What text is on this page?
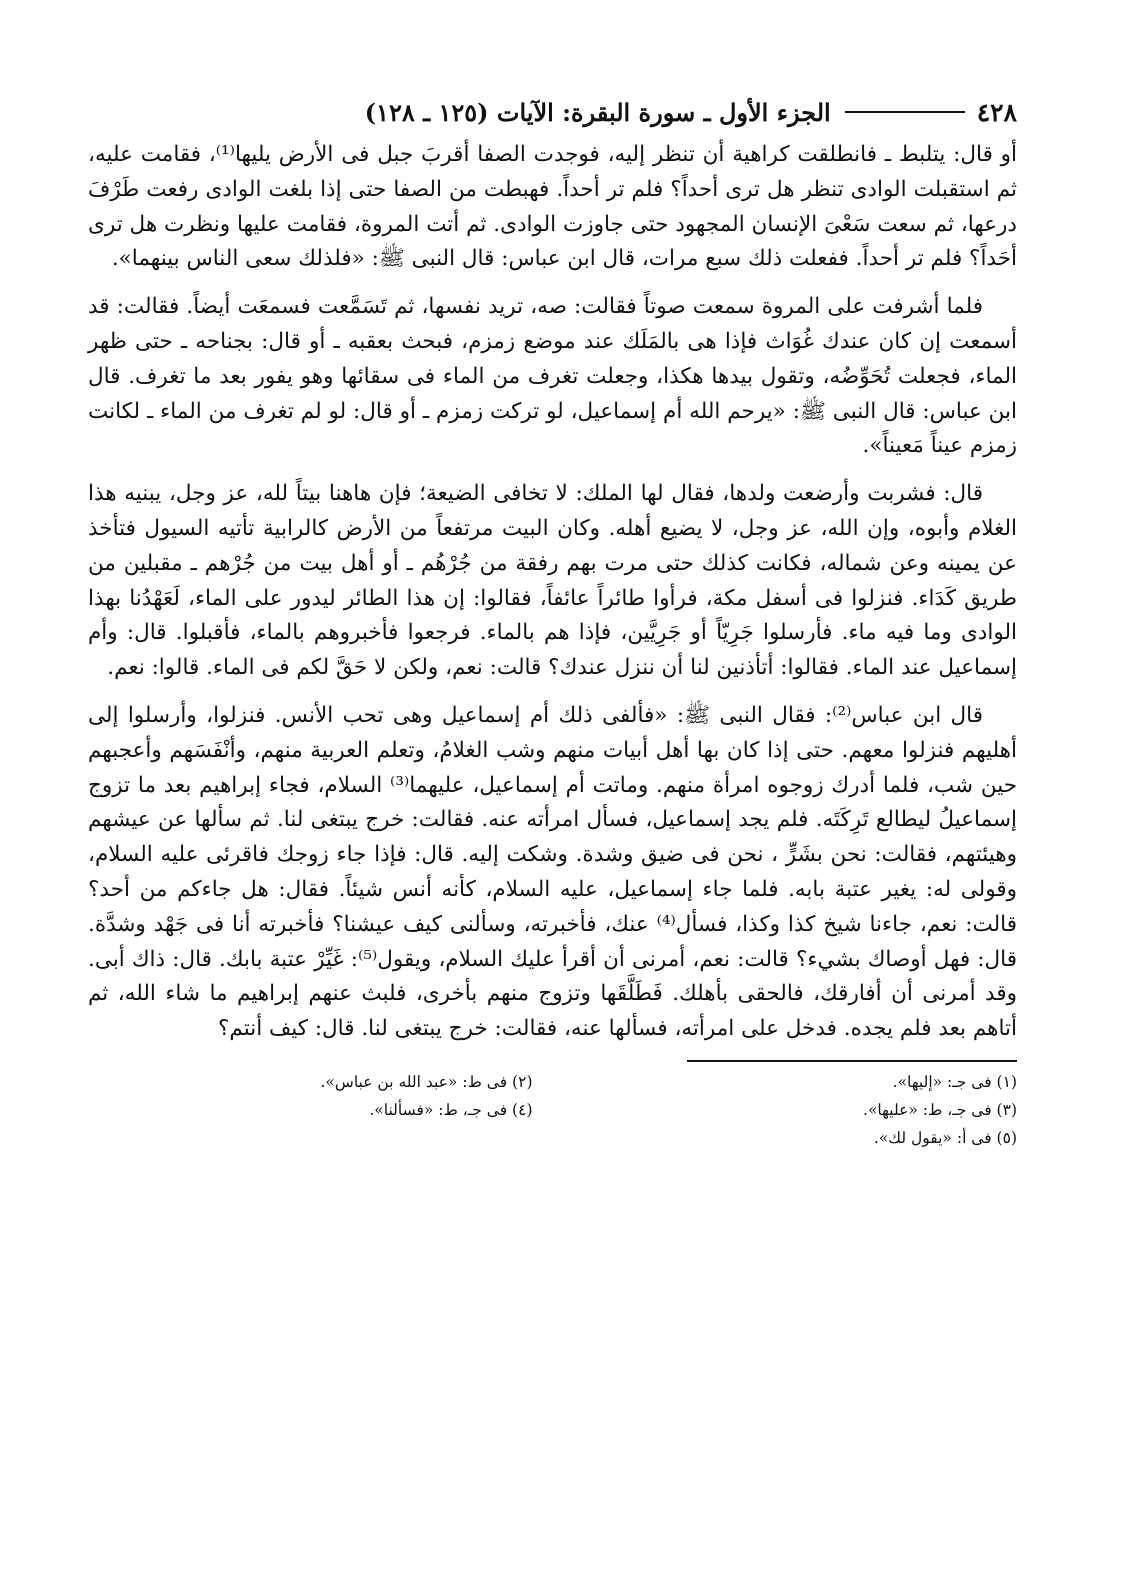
٤٢٨
الجزء الأول ـ سورة البقرة: الآيات (١٢٥ ـ ١٢٨)

أو قال: يتلبط ـ فانطلقت كراهية أن تنظر إليه، فوجدت الصفا أقربَ جبل فى الأرض يليها⁽¹⁾، فقامت عليه، ثم استقبلت الوادى تنظر هل ترى أحداً؟ فلم تر أحداً. فهبطت من الصفا حتى إذا بلغت الوادى رفعت طَرْفَ درعها، ثم سعت سَعْىَ الإنسان المجهود حتى جاوزت الوادى. ثم أتت المروة، فقامت عليها ونظرت هل ترى أحَداً؟ فلم تر أحداً. ففعلت ذلك سبع مرات، قال ابن عباس: قال النبى ﷺ: «فلذلك سعى الناس بينهما».

فلما أشرفت على المروة سمعت صوتاً فقالت: صه، تريد نفسها، ثم تَسَمَّعت فسمعَت أيضاً. فقالت: قد أسمعت إن كان عندك غُوَاث فإذا هى بالمَلَك عند موضع زمزم، فبحث بعقبه ـ أو قال: بجناحه ـ حتى ظهر الماء، فجعلت تُحَوِّضُه، وتقول بيدها هكذا، وجعلت تغرف من الماء فى سقائها وهو يفور بعد ما تغرف. قال ابن عباس: قال النبى ﷺ: «يرحم الله أم إسماعيل، لو تركت زمزم ـ أو قال: لو لم تغرف من الماء ـ لكانت زمزم عيناً مَعيناً».

قال: فشربت وأرضعت ولدها، فقال لها الملك: لا تخافى الضيعة؛ فإن هاهنا بيتاً لله، عز وجل، يبنيه هذا الغلام وأبوه، وإن الله، عز وجل، لا يضيع أهله. وكان البيت مرتفعاً من الأرض كالرابية تأتيه السيول فتأخذ عن يمينه وعن شماله، فكانت كذلك حتى مرت بهم رفقة من جُرْهُم ـ أو أهل بيت من جُرْهم ـ مقبلين من طريق كَدَاء. فنزلوا فى أسفل مكة، فرأوا طائراً عائفاً، فقالوا: إن هذا الطائر ليدور على الماء، لَعَهْدُنا بهذا الوادى وما فيه ماء. فأرسلوا جَرِيّاً أو جَرِيَّين، فإذا هم بالماء. فرجعوا فأخبروهم بالماء، فأقبلوا. قال: وأم إسماعيل عند الماء. فقالوا: أتأذنين لنا أن ننزل عندك؟ قالت: نعم، ولكن لا حَقَّ لكم فى الماء. قالوا: نعم.

قال ابن عباس⁽²⁾: فقال النبى ﷺ: «فألفى ذلك أم إسماعيل وهى تحب الأنس. فنزلوا، وأرسلوا إلى أهليهم فنزلوا معهم. حتى إذا كان بها أهل أبيات منهم وشب الغلامُ، وتعلم العربية منهم، وأنْفَسَهم وأعجبهم حين شب، فلما أدرك زوجوه امرأة منهم. وماتت أم إسماعيل، عليهما⁽³⁾ السلام، فجاء إبراهيم بعد ما تزوج إسماعيلُ ليطالع تَرِكَتَه. فلم يجد إسماعيل، فسأل امرأته عنه. فقالت: خرج يبتغى لنا. ثم سألها عن عيشهم وهيئتهم، فقالت: نحن بشَرٍّ ، نحن فى ضيق وشدة. وشكت إليه. قال: فإذا جاء زوجك فاقرئى عليه السلام، وقولى له: يغير عتبة بابه. فلما جاء إسماعيل، عليه السلام، كأنه أنس شيئاً. فقال: هل جاءكم من أحد؟ قالت: نعم، جاءنا شيخ كذا وكذا، فسأل⁽⁴⁾ عنك، فأخبرته، وسألنى كيف عيشنا؟ فأخبرته أنا فى جَهْد وشدَّة. قال: فهل أوصاك بشيء؟ قالت: نعم، أمرنى أن أقرأ عليك السلام، ويقول⁽⁵⁾: غَيِّرْ عتبة بابك. قال: ذاك أبى. وقد أمرنى أن أفارقك، فالحقى بأهلك. فَطَلَّقَها وتزوج منهم بأخرى، فلبث عنهم إبراهيم ما شاء الله، ثم أتاهم بعد فلم يجده. فدخل على امرأته، فسألها عنه، فقالت: خرج يبتغى لنا. قال: كيف أنتم؟

(١) فى جـ: «إليها».
(٢) فى ط: «عبد الله بن عباس».
(٣) فى جـ، ط: «عليها».
(٤) فى جـ، ط: «فسألنا».
(٥) فى أ: «يقول لك».
